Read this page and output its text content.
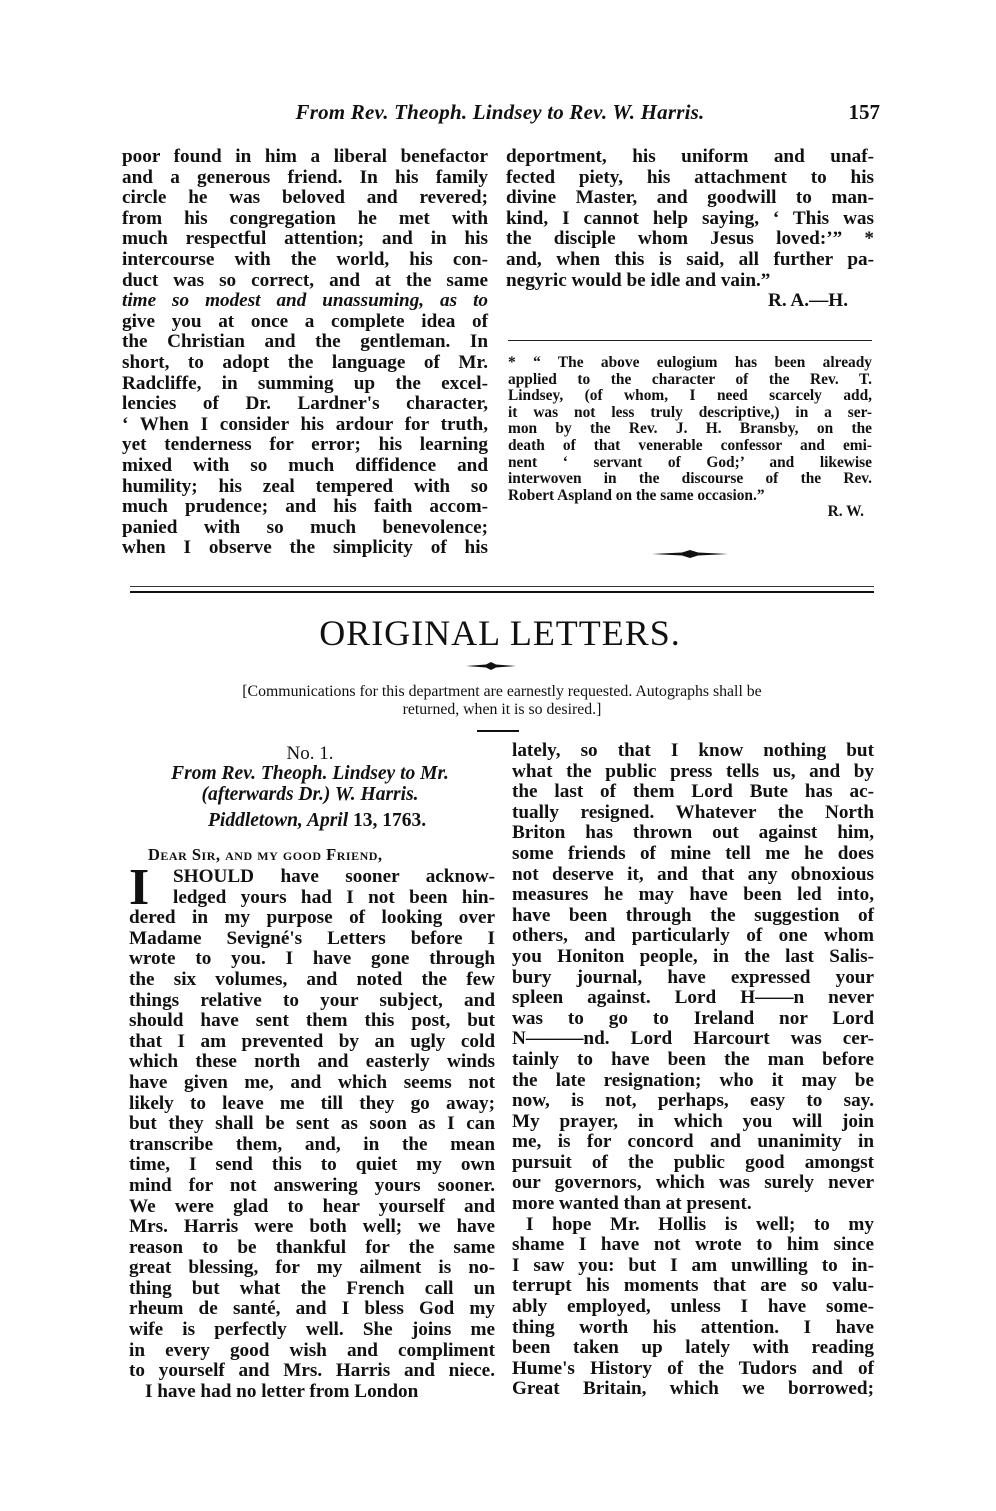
From Rev. Theoph. Lindsey to Rev. W. Harris.	157
poor found in him a liberal benefactor
and a generous friend. In his family
circle he was beloved and revered;
from his congregation he met with
much respectful attention; and in his
intercourse with the world, his con-
duct was so correct, and at the same
time so modest and unassuming, as to
give you at once a complete idea of
the Christian and the gentleman. In
short, to adopt the language of Mr.
Radcliffe, in summing up the excel-
lencies of Dr. Lardner's character,
‘ When I consider his ardour for truth,
yet tenderness for error; his learning
mixed with so much diffidence and
humility; his zeal tempered with so
much prudence; and his faith accom-
panied with so much benevolence;
when I observe the simplicity of his
deportment, his uniform and unaf-
fected piety, his attachment to his
divine Master, and goodwill to man-
kind, I cannot help saying, ‘ This was
the disciple whom Jesus loved:’” *
and, when this is said, all further pa-
negyric would be idle and vain.”
R. A.—H.
* “ The above eulogium has been already
applied to the character of the Rev. T.
Lindsey, (of whom, I need scarcely add,
it was not less truly descriptive,) in a ser-
mon by the Rev. J. H. Bransby, on the
death of that venerable confessor and emi-
nent ‘ servant of God;’ and likewise
interwoven in the discourse of the Rev.
Robert Aspland on the same occasion.”
R. W.
ORIGINAL LETTERS.
[Communications for this department are earnestly requested. Autographs shall be
returned, when it is so desired.]
No. 1.
From Rev. Theoph. Lindsey to Mr.
(afterwards Dr.) W. Harris.
Piddletown, April 13, 1763.
Dear Sir, and my good Friend,
I	SHOULD have sooner acknow-
ledged yours had I not been hin-
dered in my purpose of looking over
Madame Sevigné's Letters before I
wrote to you. I have gone through
the six volumes, and noted the few
things relative to your subject, and
should have sent them this post, but
that I am prevented by an ugly cold
which these north and easterly winds
have given me, and which seems not
likely to leave me till they go away;
but they shall be sent as soon as I can
transcribe them, and, in the mean
time, I send this to quiet my own
mind for not answering yours sooner.
We were glad to hear yourself and
Mrs. Harris were both well; we have
reason to be thankful for the same
great blessing, for my ailment is no-
thing but what the French call un
rheum de santé, and I bless God my
wife is perfectly well. She joins me
in every good wish and compliment
to yourself and Mrs. Harris and niece.
I have had no letter from London
lately, so that I know nothing but
what the public press tells us, and by
the last of them Lord Bute has ac-
tually resigned. Whatever the North
Briton has thrown out against him,
some friends of mine tell me he does
not deserve it, and that any obnoxious
measures he may have been led into,
have been through the suggestion of
others, and particularly of one whom
you Honiton people, in the last Salis-
bury journal, have expressed your
spleen against. Lord H——n never
was to go to Ireland nor Lord
N———nd. Lord Harcourt was cer-
tainly to have been the man before
the late resignation; who it may be
now, is not, perhaps, easy to say.
My prayer, in which you will join
me, is for concord and unanimity in
pursuit of the public good amongst
our governors, which was surely never
more wanted than at present.
I hope Mr. Hollis is well; to my
shame I have not wrote to him since
I saw you: but I am unwilling to in-
terrupt his moments that are so valu-
ably employed, unless I have some-
thing worth his attention. I have
been taken up lately with reading
Hume's History of the Tudors and of
Great Britain, which we borrowed;
